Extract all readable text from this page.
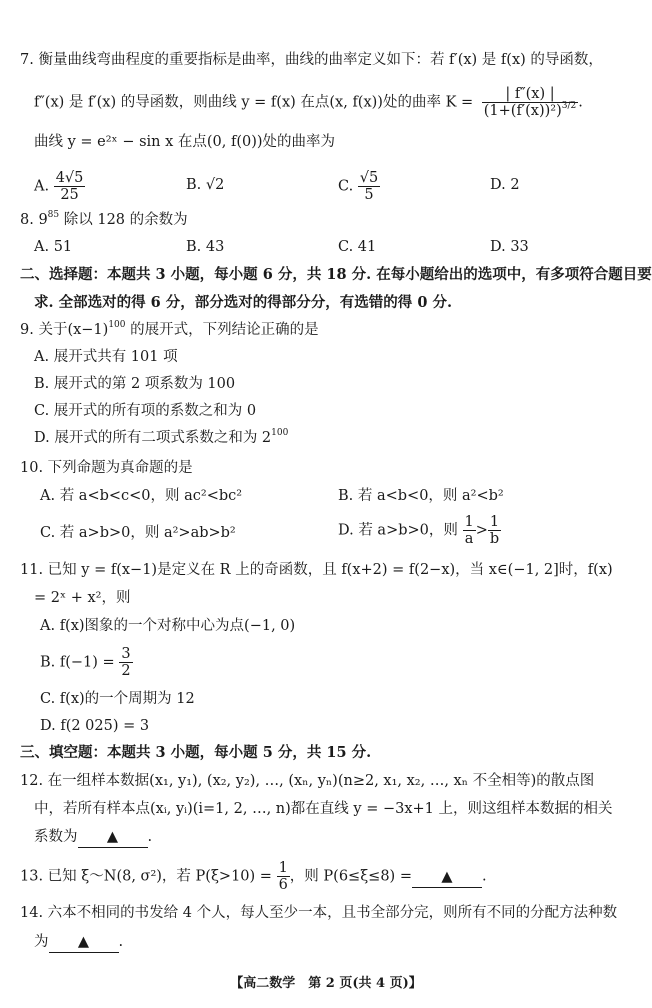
7. 衡量曲线弯曲程度的重要指标是曲率，曲线的曲率定义如下：若 f′(x) 是 f(x) 的导函数，
f″(x) 是 f′(x) 的导函数，则曲线 y = f(x) 在点(x, f(x))处的曲率 $K = \frac{| f''(x) |}{(1+(f'(x))^2)^{3/2}}$ .
曲线 y = e²ˣ − sin x 在点(0, f(0))处的曲率为
A. $\frac{4√5}{25}$	B. √2	C. $\frac{√5}{5}$	D. 2
8. $9^{85}$ 除以 128 的余数为
A. 51	B. 43	C. 41	D. 33
二、选择题：本题共 3 小题，每小题 6 分，共 18 分. 在每小题给出的选项中，有多项符合题目要
求. 全部选对的得 6 分，部分选对的得部分分，有选错的得 0 分.
9. 关于$(x-1)^{100}$ 的展开式，下列结论正确的是
A. 展开式共有 101 项
B. 展开式的第 2 项系数为 100
C. 展开式的所有项的系数之和为 0
D. 展开式的所有二项式系数之和为 $2^{100}$
10. 下列命题为真命题的是
A. 若 a<b<c<0，则 ac²<bc²	B. 若 a<b<0，则 a²<b²
C. 若 a>b>0，则 a²>ab>b²	D. 若 a>b>0，则 $\frac{1}{a} > \frac{1}{b}$
11. 已知 y = f(x−1)是定义在 R 上的奇函数，且 f(x+2) = f(2−x)，当 x∈(−1, 2]时，f(x)
= 2ˣ + x²，则
A. f(x)图象的一个对称中心为点(−1, 0)
B. $f(-1) = \frac{3}{2}$
C. f(x)的一个周期为 12
D. f(2 025) = 3
三、填空题：本题共 3 小题，每小题 5 分，共 15 分.
12. 在一组样本数据(x₁, y₁), (x₂, y₂), …, (xₙ, yₙ)(n≥2, x₁, x₂, …, xₙ 不全相等)的散点图
中，若所有样本点(xᵢ, yᵢ)(i=1, 2, …, n)都在直线 y = −3x+1 上，则这组样本数据的相关
系数为 ▲ .
13. 已知 ξ～N(8, σ²)，若 $P(\xi>10) = \frac{1}{6}$ ，则 P(6≤ξ≤8) = ▲ .
14. 六本不相同的书发给 4 个人，每人至少一本，且书全部分完，则所有不同的分配方法种数
为 ▲ .
【高二数学　第 2 页(共 4 页)】
